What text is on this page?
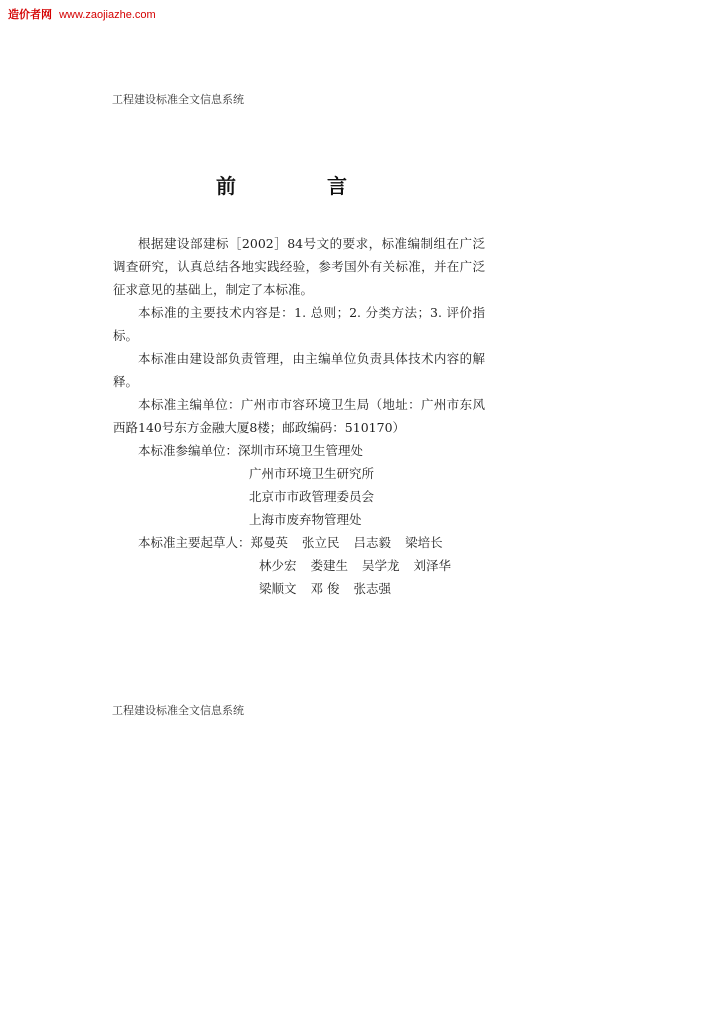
造价者网 www.zaojiazhe.com
工程建设标准全文信息系统
前 言

根据建设部建标［2002］84号文的要求，标准编制组在广泛调查研究，认真总结各地实践经验，参考国外有关标准，并在广泛征求意见的基础上，制定了本标准。

本标准的主要技术内容是：1. 总则；2. 分类方法；3. 评价指标。

本标准由建设部负责管理，由主编单位负责具体技术内容的解释。

本标准主编单位：广州市市容环境卫生局（地址：广州市东风西路140号东方金融大厦8楼；邮政编码：510170）

本标准参编单位：深圳市环境卫生管理处
广州市环境卫生研究所
北京市市政管理委员会
上海市废弃物管理处
本标准主要起草人：郑曼英 张立民 吕志毅 梁培长
林少宏 娄建生 吴学龙 刘泽华
梁顺文 邓 俊 张志强
工程建设标准全文信息系统
